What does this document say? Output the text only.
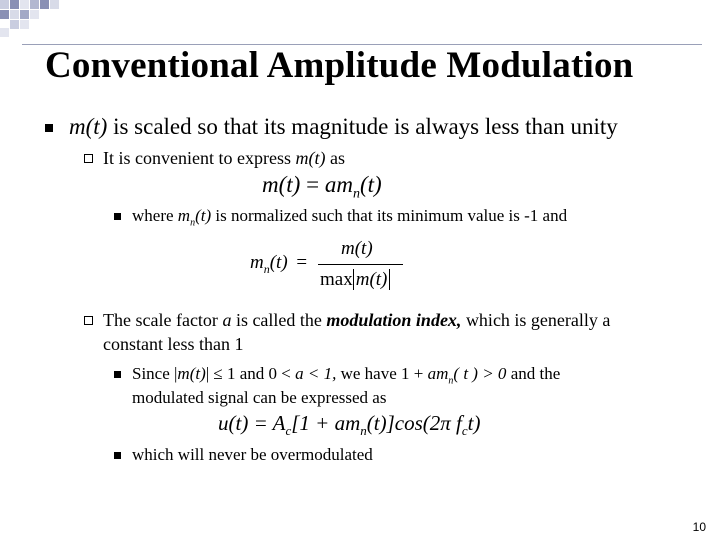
Conventional Amplitude Modulation
m(t) is scaled so that its magnitude is always less than unity
It is convenient to express m(t) as
$m(t) = am_n(t)$
where $m_n(t)$ is normalized such that its minimum value is -1 and
$m_n(t)$ =
m(t)
max m(t)
The scale factor a is called the modulation index, which is generally a
constant less than 1
Since |m(t)| ≤ 1 and 0 < a < 1, we have $1 + am_n$( t ) > 0 and the
modulated signal can be expressed as
$u(t) = A_c[1 + am_n(t)]\cos(2\pi$ $f_ct$)
which will never be overmodulated
10
